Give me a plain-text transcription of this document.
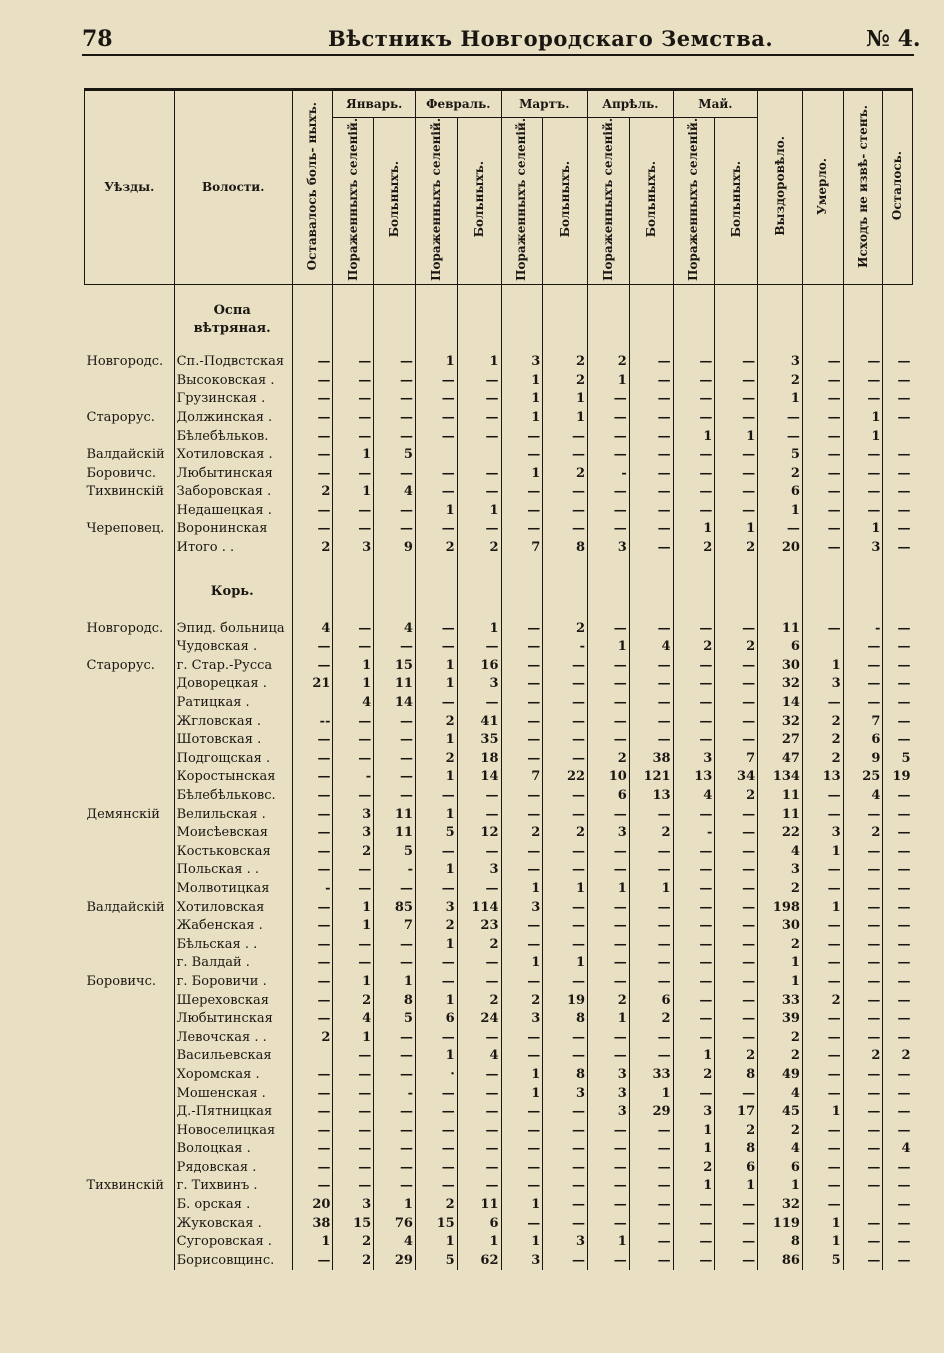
78	Вѣстникъ Новгородскаго Земства.	№ 4.
Уѣзды.	Волости.	Оставалось боль- ныхъ.	Январь.		Февраль.		Мартъ.		Апрѣль.		Май.		Выздоровѣло.	Умерло.	Исходъ не извѣ- стенъ.	Осталось.
			Пораженныхъ селеній.	Больныхъ.	Пораженныхъ селеній.	Больныхъ.	Пораженныхъ селеній.	Больныхъ.	Пораженныхъ селеній.	Больныхъ.	Пораженныхъ селеній.	Больныхъ.				

	Оспа вѣтряная.															

Новгородс.	Сп.-Подвстская	—	—	—	1	1	3	2	2	—	—	—	3	—	—	—
	Высоковская .	—	—	—	—	—	1	2	1	—	—	—	2	—	—	—
	Грузинская .	—	—	—	—	—	1	1	—	—	—	—	1	—	—	—
Старорус.	Должинская .	—	—	—	—	—	1	1	—	—	—	—	—	—	1	—
	Бѣлебѣльков.	—	—	—	—	—	—	—	—	—	1	1	—	—	1	
Валдайскій	Хотиловская .	—	1	5			—	—	—	—	—	—	5	—	—	—
Боровичс.	Любытинская	—	—	—	—	—	1	2	-	—	—	—	2	—	—	—
Тихвинскій	Заборовская .	2	1	4	—	—	—	—	—	—	—	—	6	—	—	—
	Недашецкая .	—	—	—	1	1	—	—	—	—	—	—	1	—	—	—
Череповец.	Воронинская	—	—	—	—	—	—	—	—	—	1	1	—	—	1	—
	Итого . .	2	3	9	2	2	7	8	3	—	2	2	20	—	3	—

	Корь.															

Новгородс.	Эпид. больница	4	—	4	—	1	—	2	—	—	—	—	11	—	-	—
	Чудовская .	—	—	—	—	—	—	-	1	4	2	2	6		—	—
Старорус.	г. Стар.-Русса	—	1	15	1	16	—	—	—	—	—	—	30	1	—	—
	Доворецкая .	21	1	11	1	3	—	—	—	—	—	—	32	3	—	—
	Ратицкая .		4	14	—	—	—	—	—	—	—	—	14	—	—	—
	Жгловская .	--	—	—	2	41	—	—	—	—	—	—	32	2	7	—
	Шотовская .	—	—	—	1	35	—	—	—	—	—	—	27	2	6	—
	Подгощская .	—	—	—	2	18	—	—	2	38	3	7	47	2	9	5
	Коростынская	—	-	—	1	14	7	22	10	121	13	34	134	13	25	19
	Бѣлебѣльковс.	—	—	—	—	—	—	—	6	13	4	2	11	—	4	—
Демянскій	Велильская .	—	3	11	1	—	—	—	—	—	—	—	11	—	—	—
	Моисѣевская	—	3	11	5	12	2	2	3	2	-	—	22	3	2	—
	Костьковская	—	2	5	—	—	—	—	—	—	—	—	4	1	—	—
	Польская . .	—	—	-	1	3	—	—	—	—	—	—	3	—	—	—
	Молвотицкая	-	—	—	—	—	1	1	1	1	—	—	2	—	—	—
Валдайскій	Хотиловская	—	1	85	3	114	3	—	—	—	—	—	198	1	—	—
	Жабенская .	—	1	7	2	23	—	—	—	—	—	—	30	—	—	—
	Бѣльская . .	—	—	—	1	2	—	—	—	—	—	—	2	—	—	—
	г. Валдай .	—	—	—	—	—	1	1	—	—	—	—	1	—	—	—
Боровичс.	г. Боровичи .	—	1	1	—	—	—	—	—	—	—	—	1	—	—	—
	Шереховская	—	2	8	1	2	2	19	2	6	—	—	33	2	—	—
	Любытинская	—	4	5	6	24	3	8	1	2	—	—	39	—	—	—
	Левочская . .	2	1	—	—	—	—	—	—	—	—	—	2	—	—	—
	Васильевская		—	—	1	4	—	—	—	—	1	2	2	—	2	2
	Хоромская .	—	—	—	·	—	1	8	3	33	2	8	49	—	—	—
	Мошенская .	—	—	-	—	—	1	3	3	1	—	—	4	—	—	—
	Д.-Пятницкая	—	—	—	—	—	—	—	3	29	3	17	45	1	—	—
	Новоселицкая	—	—	—	—	—	—	—	—	—	1	2	2	—	—	—
	Волоцкая .	—	—	—	—	—	—	—	—	—	1	8	4	—	—	4
	Рядовская .	—	—	—	—	—	—	—	—	—	2	6	6	—	—	—
Тихвинскій	г. Тихвинъ .	—	—	—	—	—	—	—	—	—	1	1	1	—	—	—
	Б. орская .	20	3	1	2	11	1	—	—	—	—	—	32	—		—
	Жуковская .	38	15	76	15	6	—	—	—	—	—	—	119	1	—	—
	Сугоровская .	1	2	4	1	1	1	3	1	—	—	—	8	1	—	—
	Борисовщинс.	—	2	29	5	62	3	—	—	—	—	—	86	5	—	—
